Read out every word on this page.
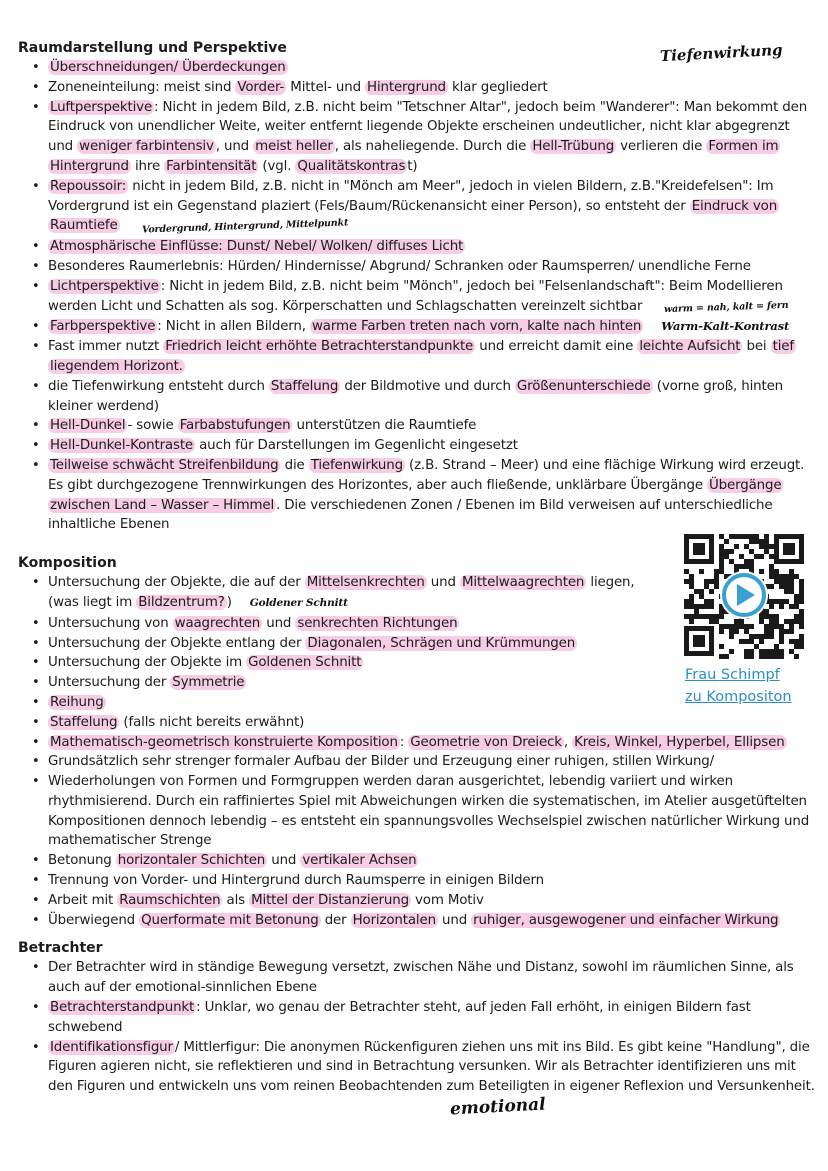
Raumdarstellung und Perspektive
• Überschneidungen/ Überdeckungen
• Zoneneinteilung: meist sind Vorder- Mittel- und Hintergrund klar gegliedert
• Luftperspektive : Nicht in jedem Bild, z.B. nicht beim "Tetschner Altar", jedoch beim "Wanderer": Man bekommt den Eindruck von unendlicher Weite, weiter entfernt liegende Objekte erscheinen undeutlicher, nicht klar abgegrenzt und weniger farbintensiv , und meist heller , als naheliegende. Durch die Hell-Trübung verlieren die Formen im Hintergrund ihre Farbintensität (vgl. Qualitätskontras t)
• Repoussoir: nicht in jedem Bild, z.B. nicht in "Mönch am Meer", jedoch in vielen Bildern, z.B."Kreidefelsen": Im Vordergrund ist ein Gegenstand plaziert (Fels/Baum/Rückenansicht einer Person), so entsteht der Eindruck von Raumtiefe	Vordergrund, Hintergrund, Mittelpunkt
• Atmosphärische Einflüsse: Dunst/ Nebel/ Wolken/ diffuses Licht
• Besonderes Raumerlebnis: Hürden/ Hindernisse/ Abgrund/ Schranken oder Raumsperren/ unendliche Ferne
• Lichtperspektive : Nicht in jedem Bild, z.B. nicht beim "Mönch", jedoch bei "Felsenlandschaft": Beim Modellieren werden Licht und Schatten als sog. Körperschatten und Schlagschatten vereinzelt sichtbar warm = nah, kalt = fern
• Farbperspektive : Nicht in allen Bildern, warme Farben treten nach vorn, kalte nach hinten Warm-Kalt-Kontrast
• Fast immer nutzt Friedrich leicht erhöhte Betrachterstandpunkte und erreicht damit eine leichte Aufsicht bei tief liegendem Horizont.
• die Tiefenwirkung entsteht durch Staffelung der Bildmotive und durch Größenunterschiede (vorne groß, hinten kleiner werdend)
• Hell-Dunkel - sowie Farbabstufungen unterstützen die Raumtiefe
• Hell-Dunkel-Kontraste auch für Darstellungen im Gegenlicht eingesetzt
• Teilweise schwächt Streifenbildung die Tiefenwirkung (z.B. Strand – Meer) und eine flächige Wirkung wird erzeugt. Es gibt durchgezogene Trennwirkungen des Horizontes, aber auch fließende, unklärbare Übergänge Übergänge zwischen Land – Wasser – Himmel . Die verschiedenen Zonen / Ebenen im Bild verweisen auf unterschiedliche inhaltliche Ebenen
Komposition
• Untersuchung der Objekte, die auf der Mittelsenkrechten und Mittelwaagrechten liegen, (was liegt im Bildzentrum? ) Goldener Schnitt
• Untersuchung von waagrechten und senkrechten Richtungen
• Untersuchung der Objekte entlang der Diagonalen, Schrägen und Krümmungen
• Untersuchung der Objekte im Goldenen Schnitt
• Untersuchung der Symmetrie
• Reihung
• Staffelung (falls nicht bereits erwähnt)
• Mathematisch-geometrisch konstruierte Komposition : Geometrie von Dreieck , Kreis, Winkel, Hyperbel, Ellipsen
• Grundsätzlich sehr strenger formaler Aufbau der Bilder und Erzeugung einer ruhigen, stillen Wirkung/
• Wiederholungen von Formen und Formgruppen werden daran ausgerichtet, lebendig variiert und wirken rhythmisierend. Durch ein raffiniertes Spiel mit Abweichungen wirken die systematischen, im Atelier ausgetüftelten Kompositionen dennoch lebendig – es entsteht ein spannungsvolles Wechselspiel zwischen natürlicher Wirkung und mathematischer Strenge
• Betonung horizontaler Schichten und vertikaler Achsen
• Trennung von Vorder- und Hintergrund durch Raumsperre in einigen Bildern
• Arbeit mit Raumschichten als Mittel der Distanzierung vom Motiv
• Überwiegend Querformate mit Betonung der Horizontalen und ruhiger, ausgewogener und einfacher Wirkung
Betrachter
• Der Betrachter wird in ständige Bewegung versetzt, zwischen Nähe und Distanz, sowohl im räumlichen Sinne, als auch auf der emotional-sinnlichen Ebene
• Betrachterstandpunkt : Unklar, wo genau der Betrachter steht, auf jeden Fall erhöht, in einigen Bildern fast schwebend
• Identifikationsfigur / Mittlerfigur: Die anonymen Rückenfiguren ziehen uns mit ins Bild. Es gibt keine "Handlung", die Figuren agieren nicht, sie reflektieren und sind in Betrachtung versunken. Wir als Betrachter identifizieren uns mit den Figuren und entwickeln uns vom reinen Beobachtenden zum Beteiligten in eigener Reflexion und Versunkenheit.
Tiefenwirkung
Frau Schimpf
zu Kompositon
emotional
